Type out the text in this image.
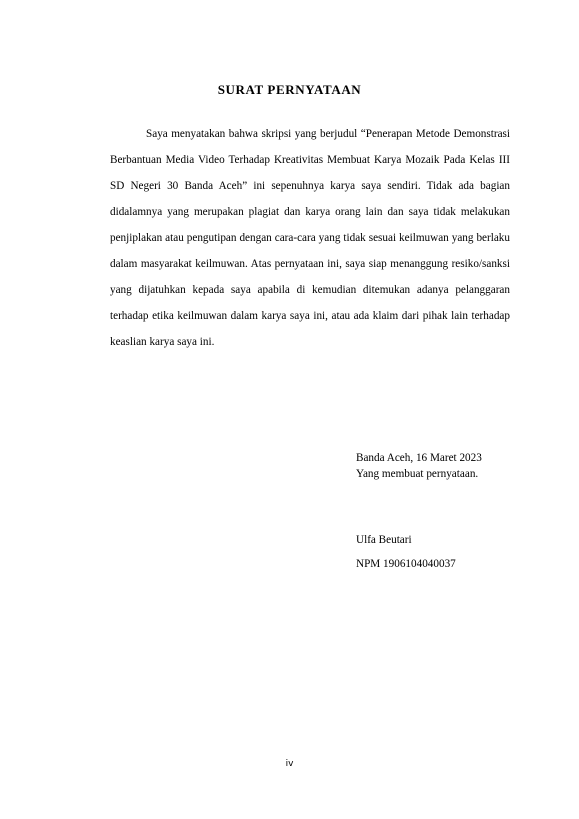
SURAT PERNYATAAN

Saya menyatakan bahwa skripsi yang berjudul “Penerapan Metode Demonstrasi Berbantuan Media Video Terhadap Kreativitas Membuat Karya Mozaik Pada Kelas III SD Negeri 30 Banda Aceh” ini sepenuhnya karya saya sendiri. Tidak ada bagian didalamnya yang merupakan plagiat dan karya orang lain dan saya tidak melakukan penjiplakan atau pengutipan dengan cara-cara yang tidak sesuai keilmuwan yang berlaku dalam masyarakat keilmuwan. Atas pernyataan ini, saya siap menanggung resiko/sanksi yang dijatuhkan kepada saya apabila di kemudian ditemukan adanya pelanggaran terhadap etika keilmuwan dalam karya saya ini, atau ada klaim dari pihak lain terhadap keaslian karya saya ini.

Banda Aceh, 16 Maret 2023
Yang membuat pernyataan.
Ulfa Beutari
NPM 1906104040037
iv
